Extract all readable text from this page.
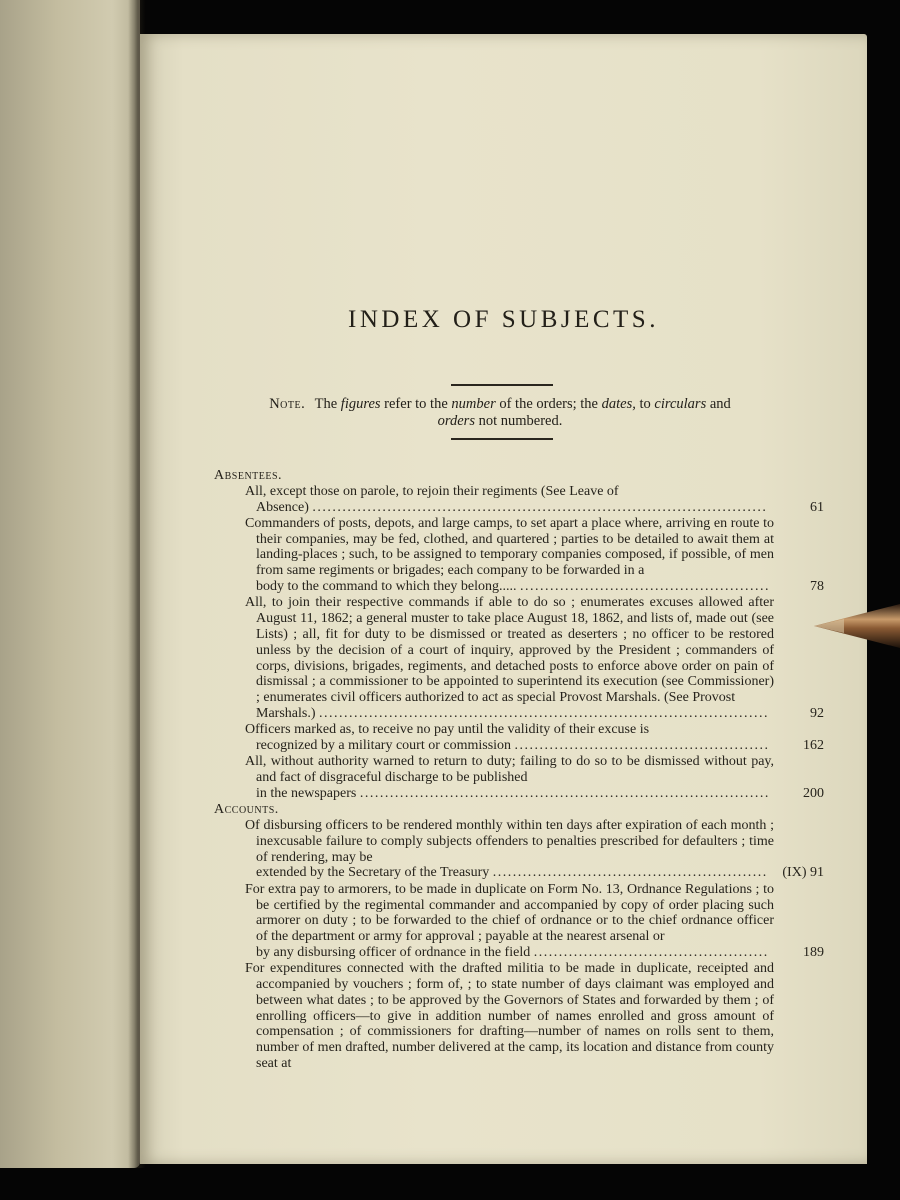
INDEX OF SUBJECTS.
Note. The figures refer to the number of the orders; the dates, to circulars and
orders not numbered.

Absentees.

All, except those on parole, to rejoin their regiments (See Leave of
Absence) ...........................................................................................	61

Commanders of posts, depots, and large camps, to set apart a place where, arriving en route to their companies, may be fed, clothed, and quartered ; parties to be detailed to await them at landing-places ; such, to be assigned to temporary companies composed, if possible, of men from same regiments or brigades; each company to be forwarded in a
body to the command to which they belong..... ..................................................	78

All, to join their respective commands if able to do so ; enumerates excuses allowed after August 11, 1862; a general muster to take place August 18, 1862, and lists of, made out (see Lists) ; all, fit for duty to be dismissed or treated as deserters ; no officer to be restored unless by the decision of a court of inquiry, approved by the President ; commanders of corps, divisions, brigades, regiments, and detached posts to enforce above order on pain of dismissal ; a commissioner to be appointed to superintend its execution (see Commissioner) ; enumerates civil officers authorized to act as special Provost Marshals. (See Provost
Marshals.) ..........................................................................................	92

Officers marked as, to receive no pay until the validity of their excuse is
recognized by a military court or commission ................................................... 162

All, without authority warned to return to duty; failing to do so to be dismissed without pay, and fact of disgraceful discharge to be published
in the newspapers .................................................................................. 200

Accounts.

Of disbursing officers to be rendered monthly within ten days after expiration of each month ; inexcusable failure to comply subjects offenders to penalties prescribed for defaulters ; time of rendering, may be
extended by the Secretary of the Treasury ....................................................... (IX) 91

For extra pay to armorers, to be made in duplicate on Form No. 13, Ordnance Regulations ; to be certified by the regimental commander and accompanied by copy of order placing such armorer on duty ; to be forwarded to the chief of ordnance or to the chief ordnance officer of the department or army for approval ; payable at the nearest arsenal or
by any disbursing officer of ordnance in the field ............................................... 189

For expenditures connected with the drafted militia to be made in duplicate, receipted and accompanied by vouchers ; form of, ; to state number of days claimant was employed and between what dates ; to be approved by the Governors of States and forwarded by them ; of enrolling officers—to give in addition number of names enrolled and gross amount of compensation ; of commissioners for drafting—number of names on rolls sent to them, number of men drafted, number delivered at the camp, its location and distance from county seat at
